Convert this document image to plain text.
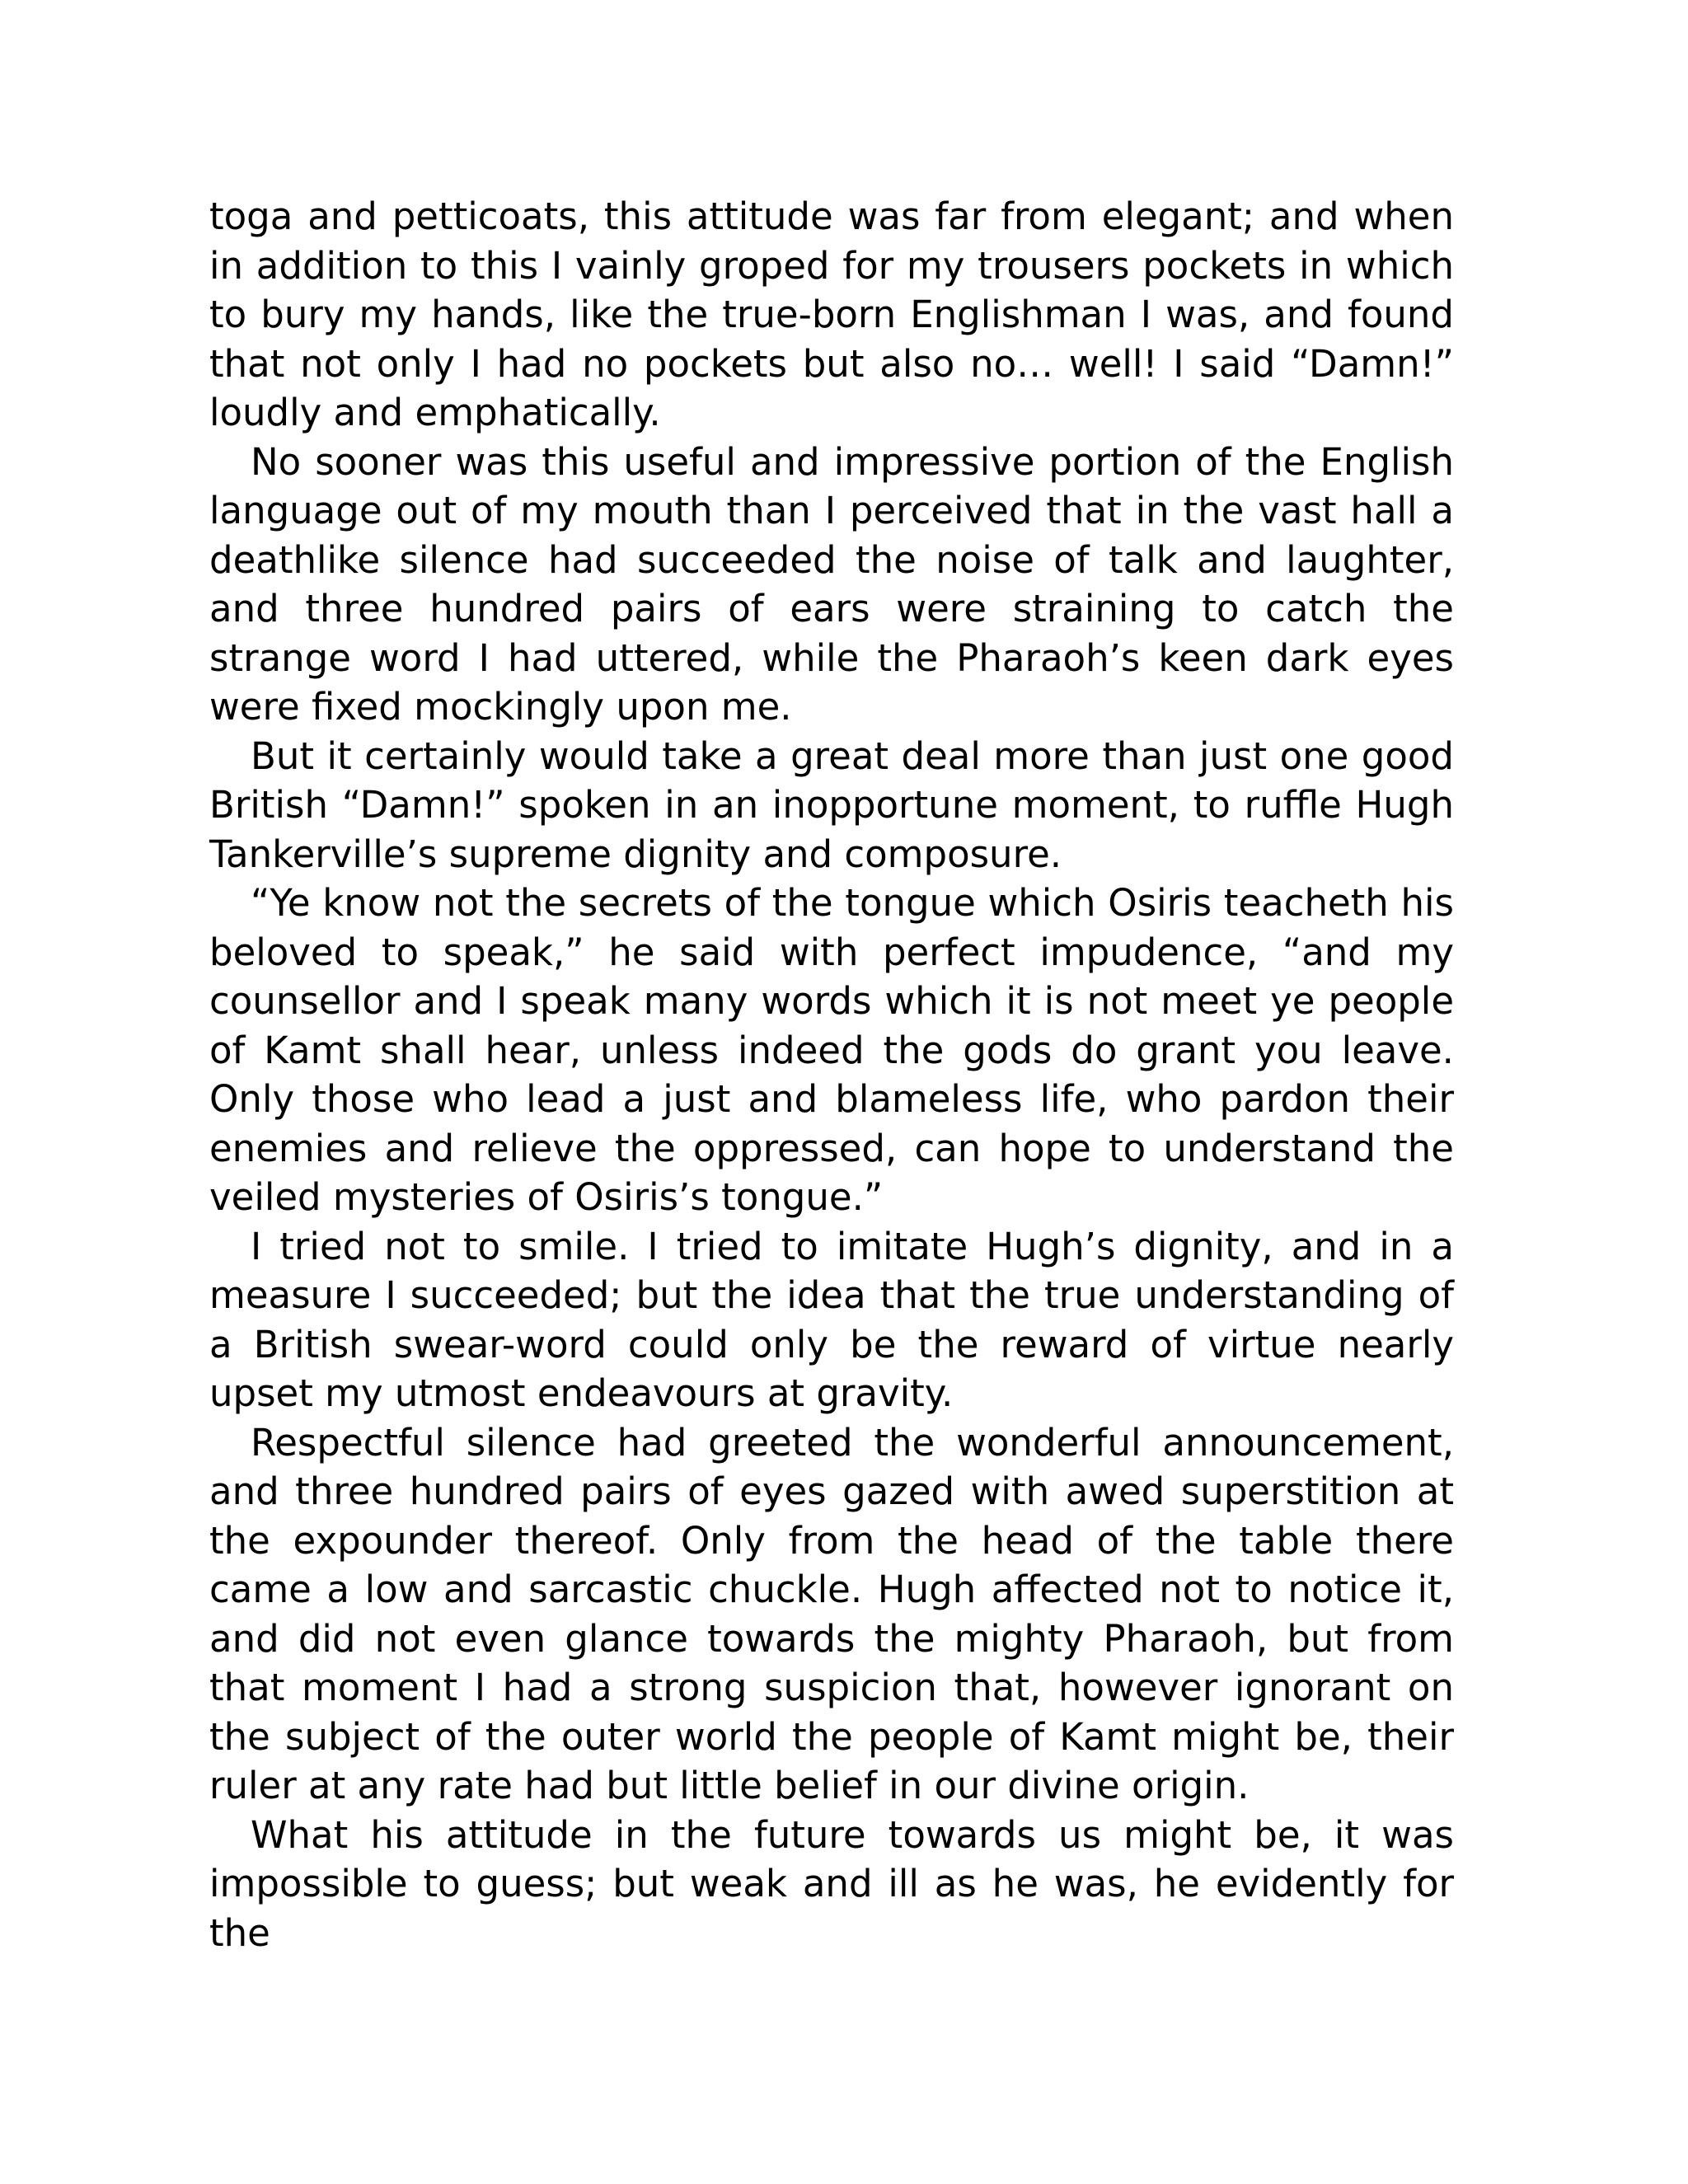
toga and petticoats, this attitude was far from elegant; and when in addition to this I vainly groped for my trousers pockets in which to bury my hands, like the true-born Englishman I was, and found that not only I had no pockets but also no… well! I said “Damn!” loudly and emphatically.

No sooner was this useful and impressive portion of the English language out of my mouth than I perceived that in the vast hall a deathlike silence had succeeded the noise of talk and laughter, and three hundred pairs of ears were straining to catch the strange word I had uttered, while the Pharaoh’s keen dark eyes were fixed mockingly upon me.

But it certainly would take a great deal more than just one good British “Damn!” spoken in an inopportune moment, to ruffle Hugh Tankerville’s supreme dignity and composure.

“Ye know not the secrets of the tongue which Osiris teacheth his beloved to speak,” he said with perfect impudence, “and my counsellor and I speak many words which it is not meet ye people of Kamt shall hear, unless indeed the gods do grant you leave. Only those who lead a just and blameless life, who pardon their enemies and relieve the oppressed, can hope to understand the veiled mysteries of Osiris’s tongue.”

I tried not to smile. I tried to imitate Hugh’s dignity, and in a measure I succeeded; but the idea that the true understanding of a British swear-word could only be the reward of virtue nearly upset my utmost endeavours at gravity.

Respectful silence had greeted the wonderful announcement, and three hundred pairs of eyes gazed with awed superstition at the expounder thereof. Only from the head of the table there came a low and sarcastic chuckle. Hugh affected not to notice it, and did not even glance towards the mighty Pharaoh, but from that moment I had a strong suspicion that, however ignorant on the subject of the outer world the people of Kamt might be, their ruler at any rate had but little belief in our divine origin.

What his attitude in the future towards us might be, it was impossible to guess; but weak and ill as he was, he evidently for the
